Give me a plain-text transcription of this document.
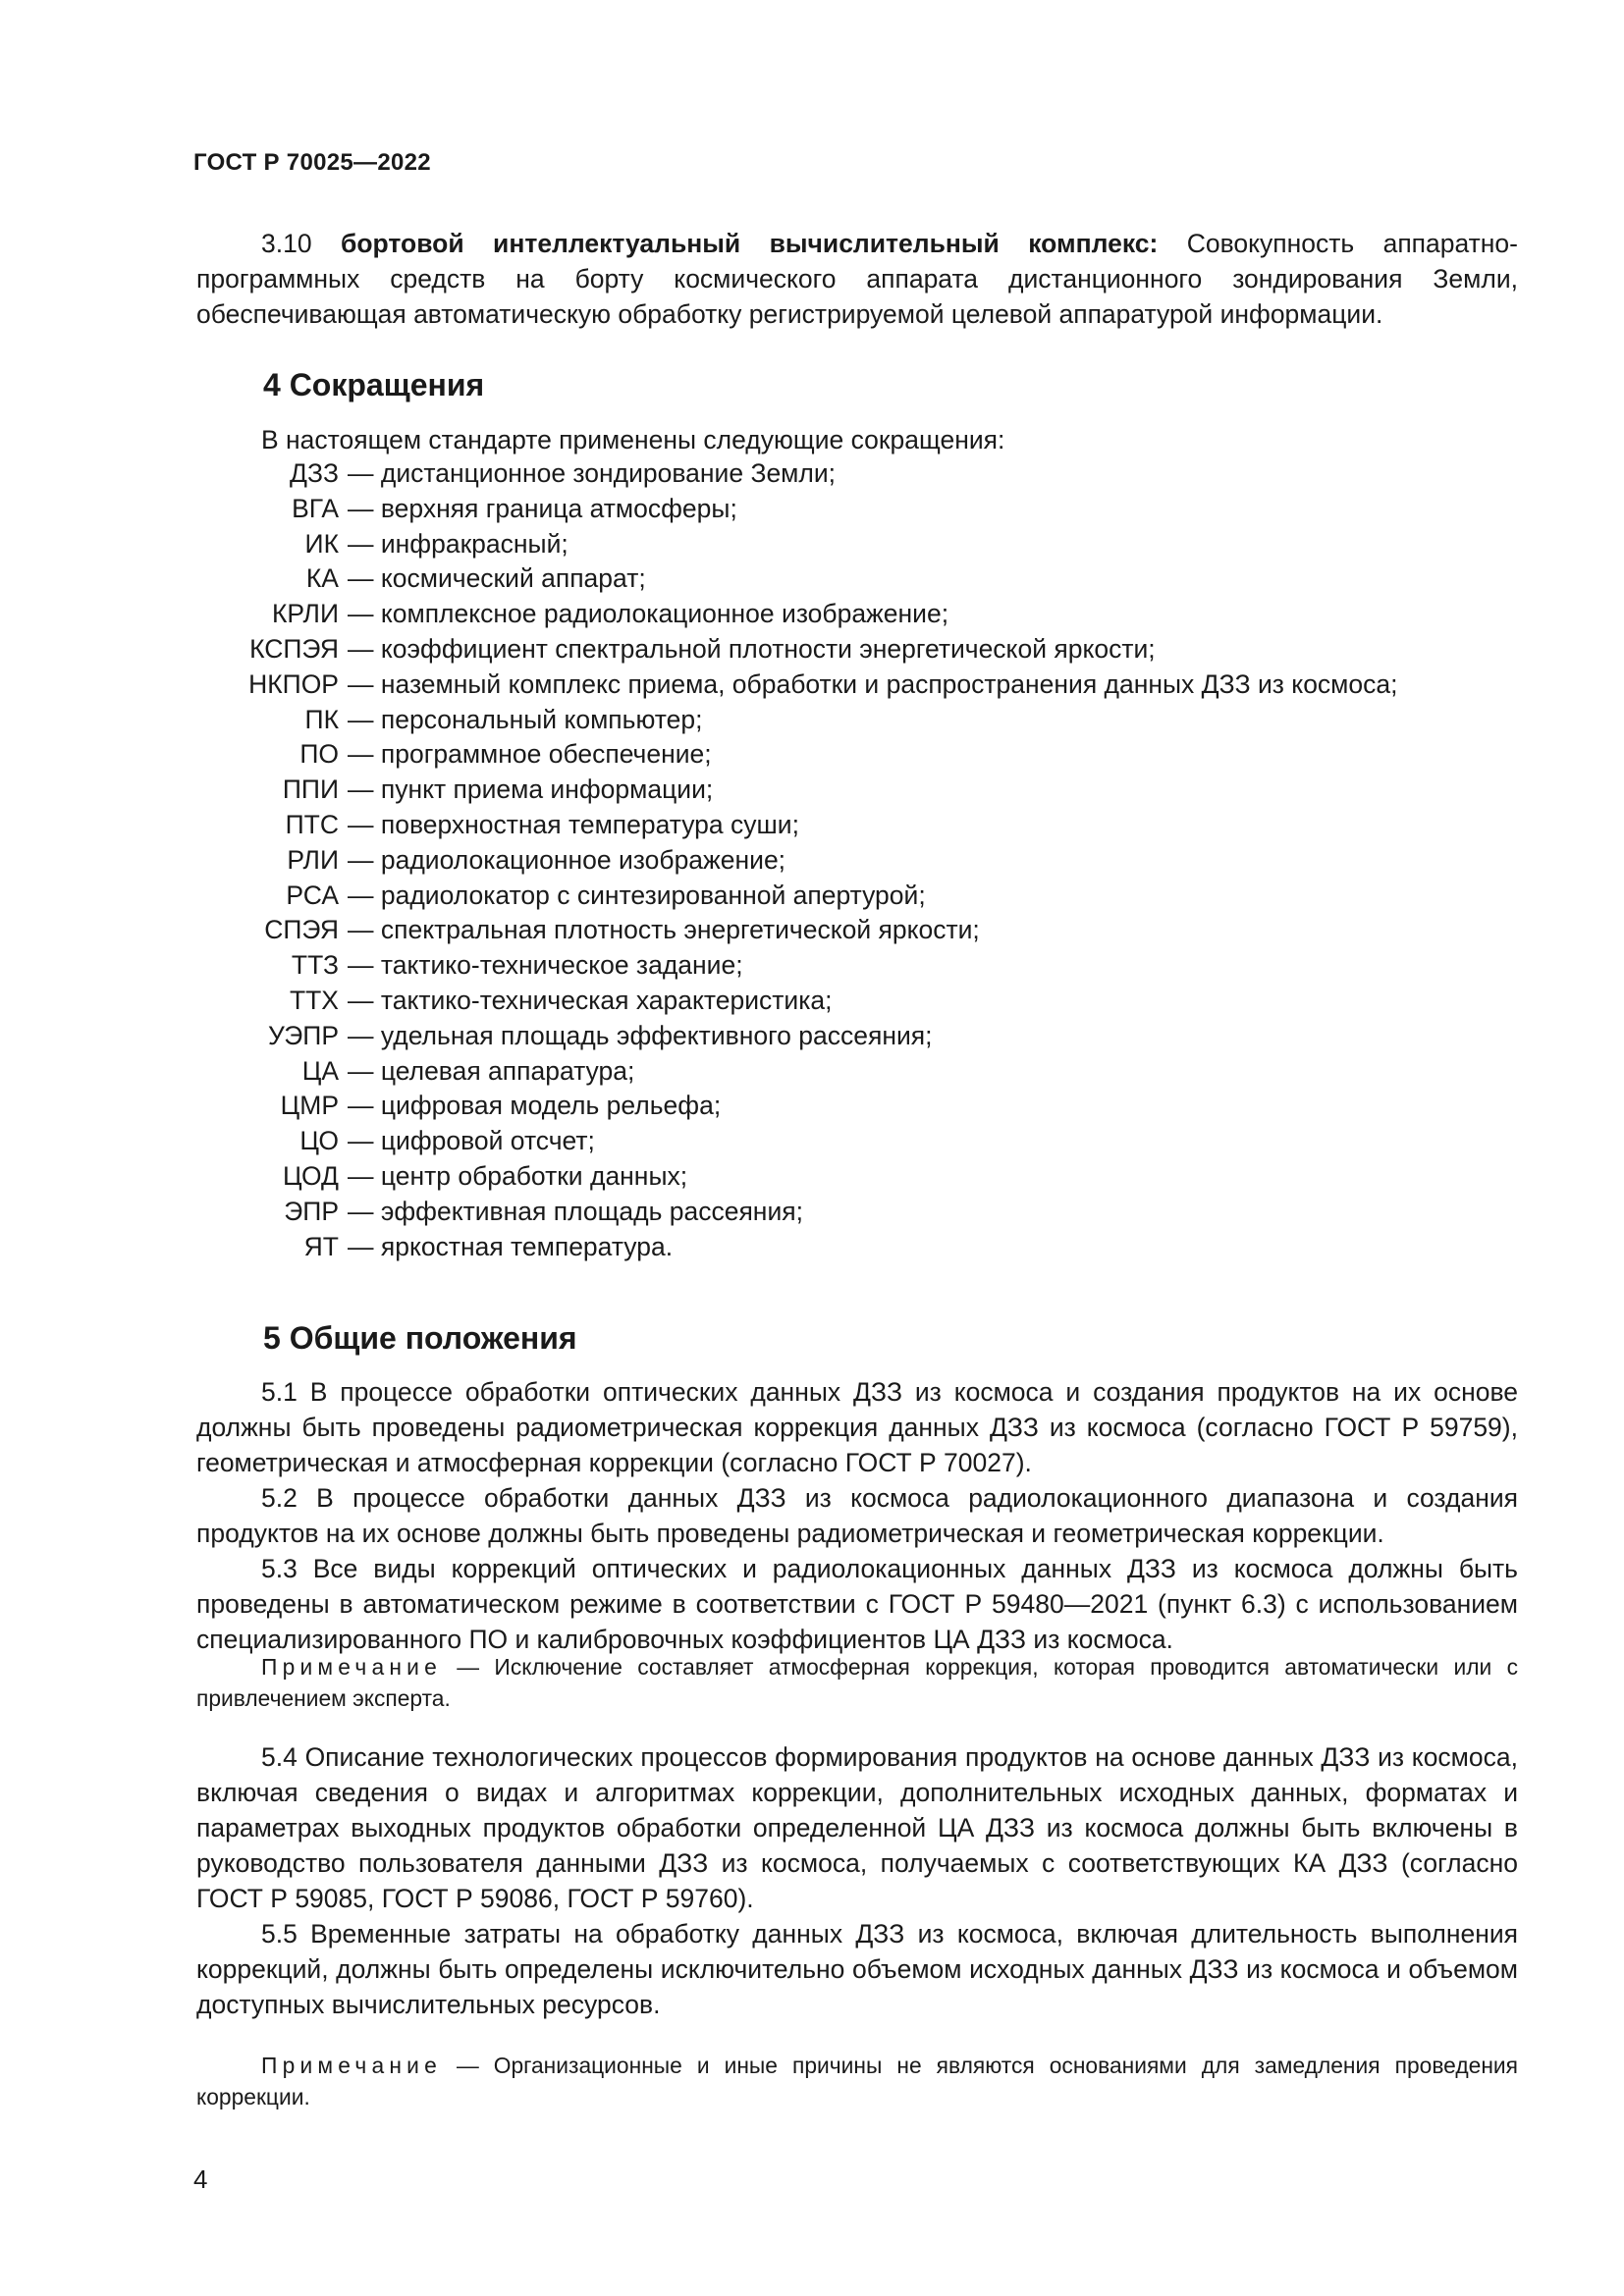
ГОСТ Р 70025—2022

3.10 бортовой интеллектуальный вычислительный комплекс: Совокупность аппаратно-программных средств на борту космического аппарата дистанционного зондирования Земли, обеспечивающая автоматическую обработку регистрируемой целевой аппаратурой информации.

4 Сокращения

В настоящем стандарте применены следующие сокращения:

ДЗЗ — дистанционное зондирование Земли;
ВГА — верхняя граница атмосферы;
ИК — инфракрасный;
КА — космический аппарат;
КРЛИ — комплексное радиолокационное изображение;
КСПЭЯ — коэффициент спектральной плотности энергетической яркости;
НКПОР — наземный комплекс приема, обработки и распространения данных ДЗЗ из космоса;
ПК — персональный компьютер;
ПО — программное обеспечение;
ППИ — пункт приема информации;
ПТС — поверхностная температура суши;
РЛИ — радиолокационное изображение;
РСА — радиолокатор с синтезированной апертурой;
СПЭЯ — спектральная плотность энергетической яркости;
ТТЗ — тактико-техническое задание;
ТТХ — тактико-техническая характеристика;
УЭПР — удельная площадь эффективного рассеяния;
ЦА — целевая аппаратура;
ЦМР — цифровая модель рельефа;
ЦО — цифровой отсчет;
ЦОД — центр обработки данных;
ЭПР — эффективная площадь рассеяния;
ЯТ — яркостная температура.
5 Общие положения

5.1 В процессе обработки оптических данных ДЗЗ из космоса и создания продуктов на их основе должны быть проведены радиометрическая коррекция данных ДЗЗ из космоса (согласно ГОСТ Р 59759), геометрическая и атмосферная коррекции (согласно ГОСТ Р 70027).

5.2 В процессе обработки данных ДЗЗ из космоса радиолокационного диапазона и создания продуктов на их основе должны быть проведены радиометрическая и геометрическая коррекции.

5.3 Все виды коррекций оптических и радиолокационных данных ДЗЗ из космоса должны быть проведены в автоматическом режиме в соответствии с ГОСТ Р 59480—2021 (пункт 6.3) с использованием специализированного ПО и калибровочных коэффициентов ЦА ДЗЗ из космоса.

Примечание — Исключение составляет атмосферная коррекция, которая проводится автоматически или с привлечением эксперта.

5.4 Описание технологических процессов формирования продуктов на основе данных ДЗЗ из космоса, включая сведения о видах и алгоритмах коррекции, дополнительных исходных данных, форматах и параметрах выходных продуктов обработки определенной ЦА ДЗЗ из космоса должны быть включены в руководство пользователя данными ДЗЗ из космоса, получаемых с соответствующих КА ДЗЗ (согласно ГОСТ Р 59085, ГОСТ Р 59086, ГОСТ Р 59760).

5.5 Временные затраты на обработку данных ДЗЗ из космоса, включая длительность выполнения коррекций, должны быть определены исключительно объемом исходных данных ДЗЗ из космоса и объемом доступных вычислительных ресурсов.

Примечание — Организационные и иные причины не являются основаниями для замедления проведения коррекции.

4
